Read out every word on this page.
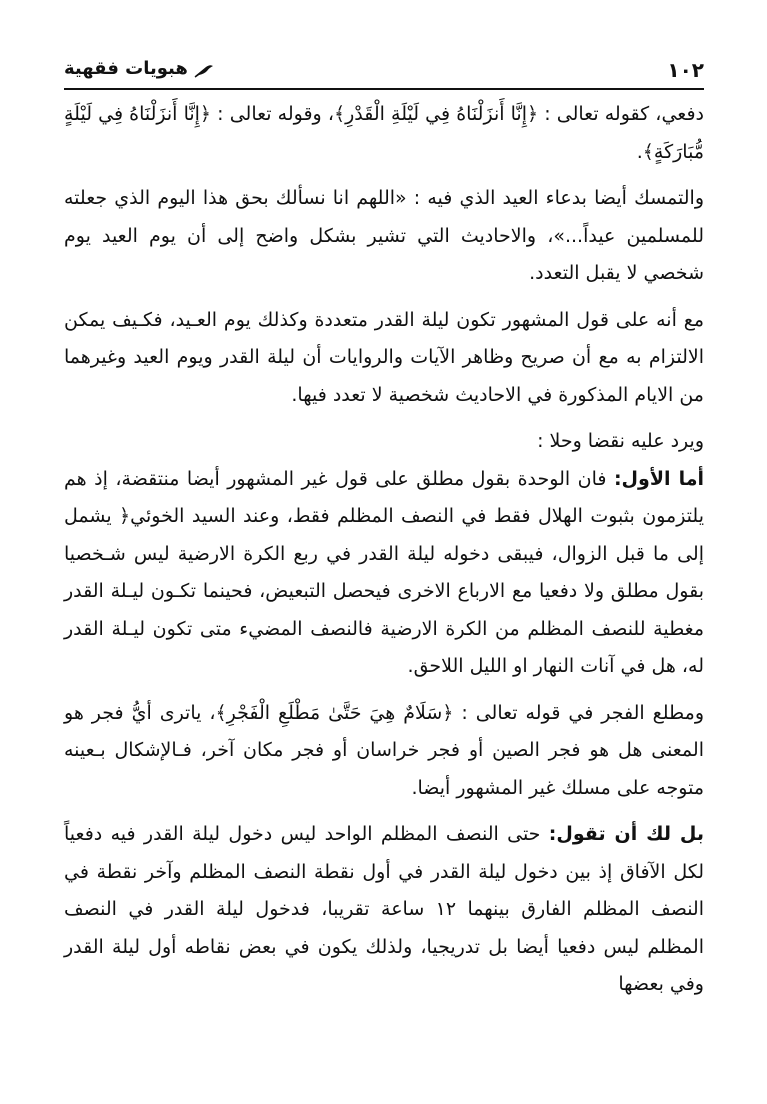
١٠٢
هبويات فقهية

دفعي، كقوله تعالى : ﴿إِنَّا أَنزَلْنَاهُ فِي لَيْلَةِ الْقَدْرِ﴾، وقوله تعالى : ﴿إِنَّا أَنزَلْنَاهُ فِي لَيْلَةٍ مُّبَارَكَةٍ﴾.

والتمسك أيضا بدعاء العيد الذي فيه : «اللهم انا نسألك بحق هذا اليوم الذي جعلته للمسلمين عيداً...»، والاحاديث التي تشير بشكل واضح إلى أن يوم العيد يوم شخصي لا يقبل التعدد.

مع أنه على قول المشهور تكون ليلة القدر متعددة وكذلك يوم العـيد، فكـيف يمكن الالتزام به مع أن صريح وظاهر الآيات والروايات أن ليلة القدر ويوم العيد وغيرهما من الايام المذكورة في الاحاديث شخصية لا تعدد فيها.

ويرد عليه نقضا وحلا :

أما الأول: فان الوحدة بقول مطلق على قول غير المشهور أيضا منتقضة، إذ هم يلتزمون بثبوت الهلال فقط في النصف المظلم فقط، وعند السيد الخوئي﴿ يشمل إلى ما قبل الزوال، فيبقى دخوله ليلة القدر في ربع الكرة الارضية ليس شـخصيا بقول مطلق ولا دفعيا مع الارباع الاخرى فيحصل التبعيض، فحينما تكـون ليـلة القدر مغطية للنصف المظلم من الكرة الارضية فالنصف المضيء متى تكون ليـلة القدر له، هل في آنات النهار او الليل اللاحق.

ومطلع الفجر في قوله تعالى : ﴿سَلَامٌ هِيَ حَتَّىٰ مَطْلَعِ الْفَجْرِ﴾، ياترى أيُّ فجر هو المعنى هل هو فجر الصين أو فجر خراسان أو فجر مكان آخر، فـالإشكال بـعينه متوجه على مسلك غير المشهور أيضا.

بل لك أن تقول: حتى النصف المظلم الواحد ليس دخول ليلة القدر فيه دفعياً لكل الآفاق إذ بين دخول ليلة القدر في أول نقطة النصف المظلم وآخر نقطة في النصف المظلم الفارق بينهما ١٢ ساعة تقريبا، فدخول ليلة القدر في النصف المظلم ليس دفعيا أيضا بل تدريجيا، ولذلك يكون في بعض نقاطه أول ليلة القدر وفي بعضها
